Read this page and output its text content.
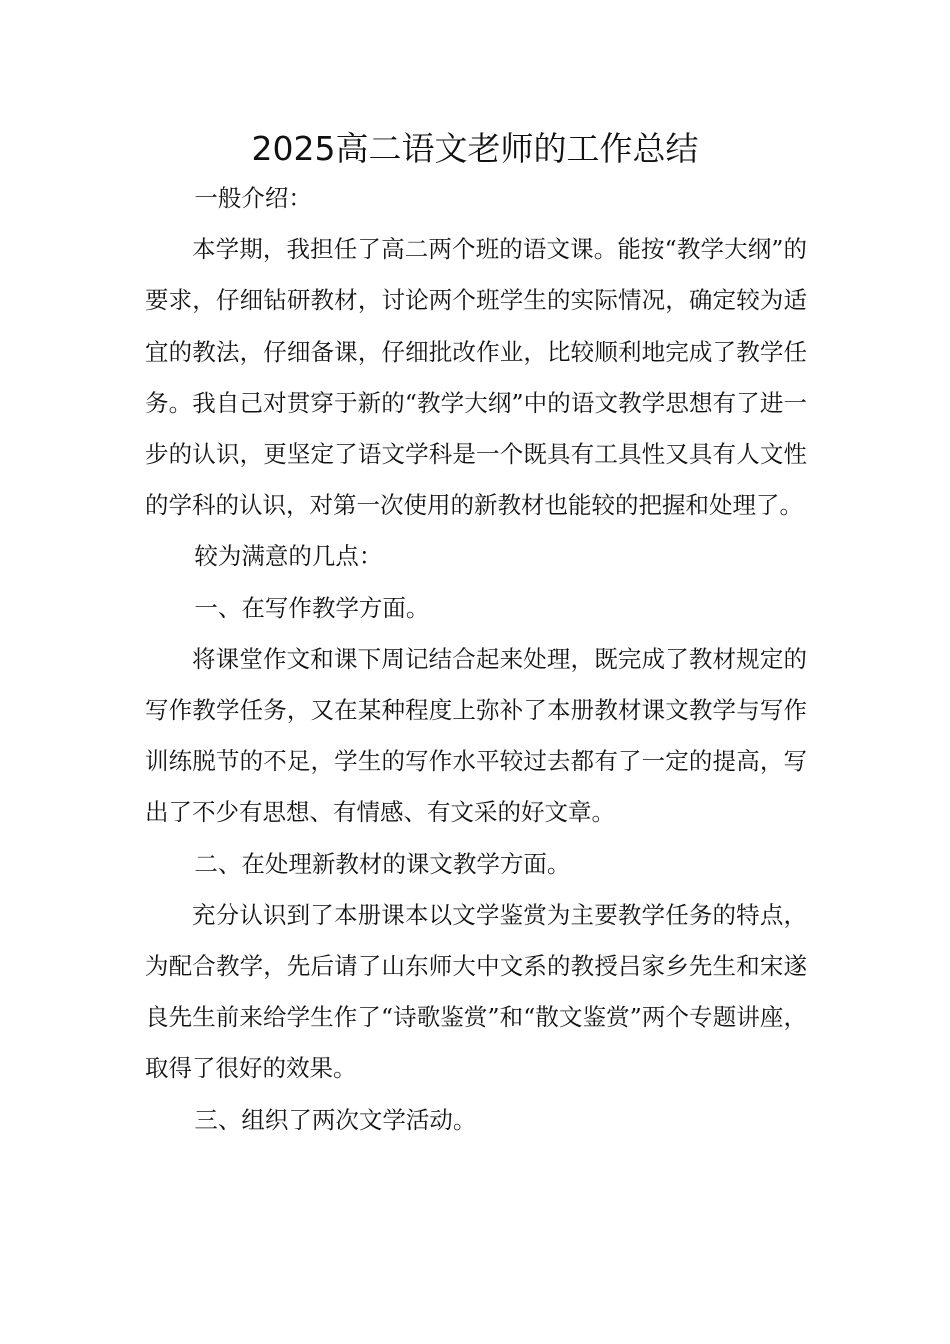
2025高二语文老师的工作总结

一般介绍：

本学期，我担任了高二两个班的语文课。能按“教学大纲”的要求，仔细钻研教材，讨论两个班学生的实际情况，确定较为适宜的教法，仔细备课，仔细批改作业，比较顺利地完成了教学任务。我自己对贯穿于新的“教学大纲”中的语文教学思想有了进一步的认识，更坚定了语文学科是一个既具有工具性又具有人文性的学科的认识，对第一次使用的新教材也能较的把握和处理了。

较为满意的几点：

一、在写作教学方面。

将课堂作文和课下周记结合起来处理，既完成了教材规定的写作教学任务，又在某种程度上弥补了本册教材课文教学与写作训练脱节的不足，学生的写作水平较过去都有了一定的提高，写出了不少有思想、有情感、有文采的好文章。

二、在处理新教材的课文教学方面。

充分认识到了本册课本以文学鉴赏为主要教学任务的特点，为配合教学，先后请了山东师大中文系的教授吕家乡先生和宋遂良先生前来给学生作了“诗歌鉴赏”和“散文鉴赏”两个专题讲座，取得了很好的效果。

三、组织了两次文学活动。
